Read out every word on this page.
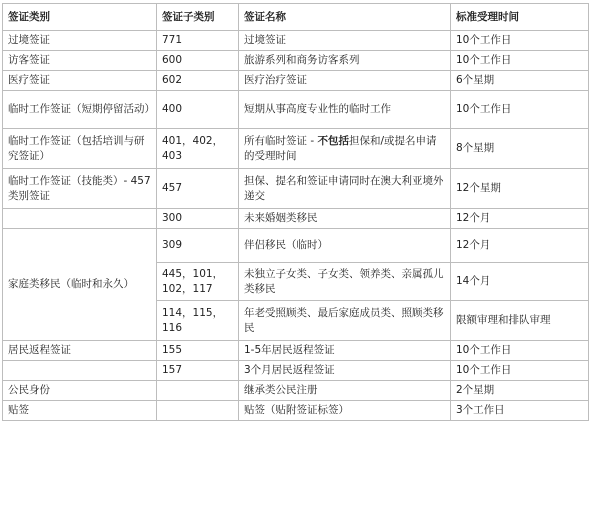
签证类别	签证子类别	签证名称	标准受理时间
过境签证	771	过境签证	10个工作日
访客签证	600	旅游系列和商务访客系列	10个工作日
医疗签证	602	医疗治疗签证	6个星期
临时工作签证（短期停留活动）	400	短期从事高度专业性的临时工作	10个工作日
临时工作签证（包括培训与研究签证）	401，402，403	所有临时签证 - 不包括担保和/或提名申请的受理时间	8个星期
临时工作签证（技能类）- 457类别签证	457	担保、提名和签证申请同时在澳大利亚境外递交	12个星期
	300	未来婚姻类移民	12个月
家庭类移民（临时和永久）	309	伴侣移民（临时）	12个月
	445，101，102，117	未独立子女类、子女类、领养类、亲属孤儿类移民	14个月
	114，115，116	年老受照顾类、最后家庭成员类、照顾类移民	限额审理和排队审理
居民返程签证	155	1-5年居民返程签证	10个工作日
	157	3个月居民返程签证	10个工作日
公民身份		继承类公民注册	2个星期
贴签		贴签（贴附签证标签）	3个工作日
